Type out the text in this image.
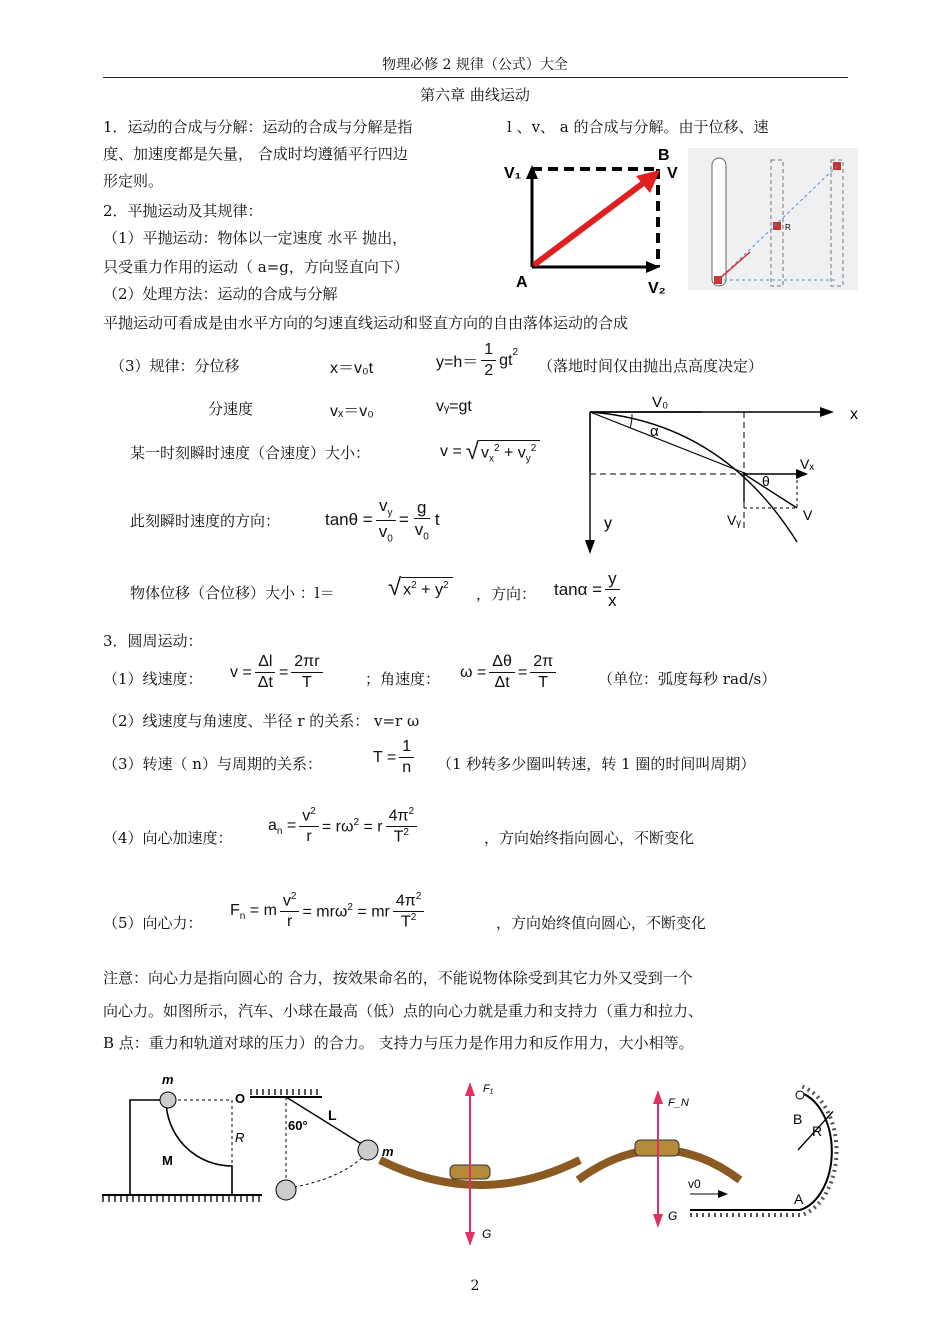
物理必修 2 规律（公式）大全
第六章 曲线运动
1．运动的合成与分解：运动的合成与分解是指	l 、v、 a 的合成与分解。由于位移、速
度、加速度都是矢量， 合成时均遵循平行四边
形定则。	V₁
B
V
A	V₂
R
2．平抛运动及其规律：
（1）平抛运动：物体以一定速度 水平 抛出，
只受重力作用的运动（ a=g，方向竖直向下）
（2）处理方法：运动的合成与分解
平抛运动可看成是由水平方向的匀速直线运动和竖直方向的自由落体运动的合成
（3）规律：分位移	x＝v₀t	$y=h= \frac{1}{2} gt^2$
（落地时间仅由抛出点高度决定）
分速度	vₓ＝v₀	vᵧ=gt
某一时刻瞬时速度（合速度）大小：	v = √ $v_x^2 + v_y^2$
此刻瞬时速度的方向：	$\tan\theta = \frac{v_y}{v_0} = \frac{g}{v_0}$ t
物体位移（合位移）大小 ：l＝ √ $x^2 + y^2$ ，方向： $\tan\alpha = \frac{y}{x}$
V₀
x
α
Vₓ
θ
Vᵧ	V
y
3．圆周运动：
（1）线速度： $v = \frac{\Delta l}{\Delta t} = \frac{2\pi r}{T}$	；角速度： $\omega = \frac{\Delta\theta}{\Delta t} = \frac{2\pi}{T}$	（单位：弧度每秒 rad/s）
（2）线速度与角速度、半径 r 的关系： v=r ω
（3）转速（ n）与周期的关系：	$T = \frac{1}{n} (1$ 秒转多少圈叫转速，转 1 圈的时间叫周期）
（4）向心加速度：
$a_n = \frac{v^2}{r} = r\omega^2 = r \frac{4\pi^2}{T^2}$	，方向始终指向圆心，不断变化
（5）向心力：
$F_n = m \frac{v^2}{r} = mr\omega^2$ = mr $\frac{4\pi^2}{T^2}$	，方向始终值向圆心，不断变化
注意：向心力是指向圆心的 合力，按效果命名的，不能说物体除受到其它力外又受到一个
向心力。如图所示，汽车、小球在最高（低）点的向心力就是重力和支持力（重力和拉力、
B 点：重力和轨道对球的压力）的合力。 支持力与压力是作用力和反作用力，大小相等。
m
O
R
M
L
60°
m
F₁
G
F_N
G
B
R
v0
A
2
